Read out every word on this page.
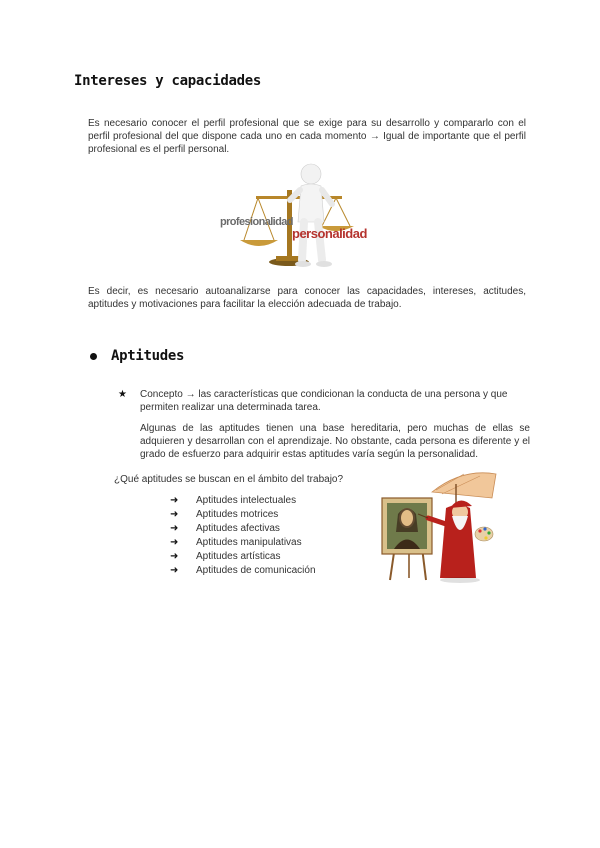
Intereses y capacidades
Es necesario conocer el perfil profesional que se exige para su desarrollo y compararlo con el perfil profesional del que dispone cada uno en cada momento → Igual de importante que el perfil profesional es el perfil personal.
profesionalidad
personalidad
Es decir, es necesario autoanalizarse para conocer las capacidades, intereses, actitudes, aptitudes y motivaciones para facilitar la elección adecuada de trabajo.
Aptitudes
★ Concepto → las características que condicionan la conducta de una persona y que permiten realizar una determinada tarea.
Algunas de las aptitudes tienen una base hereditaria, pero muchas de ellas se adquieren y desarrollan con el aprendizaje. No obstante, cada persona es diferente y el grado de esfuerzo para adquirir estas aptitudes varía según la personalidad.
¿Qué aptitudes se buscan en el ámbito del trabajo?
➜	Aptitudes intelectuales
➜	Aptitudes motrices
➜	Aptitudes afectivas
➜	Aptitudes manipulativas
➜	Aptitudes artísticas
➜	Aptitudes de comunicación
